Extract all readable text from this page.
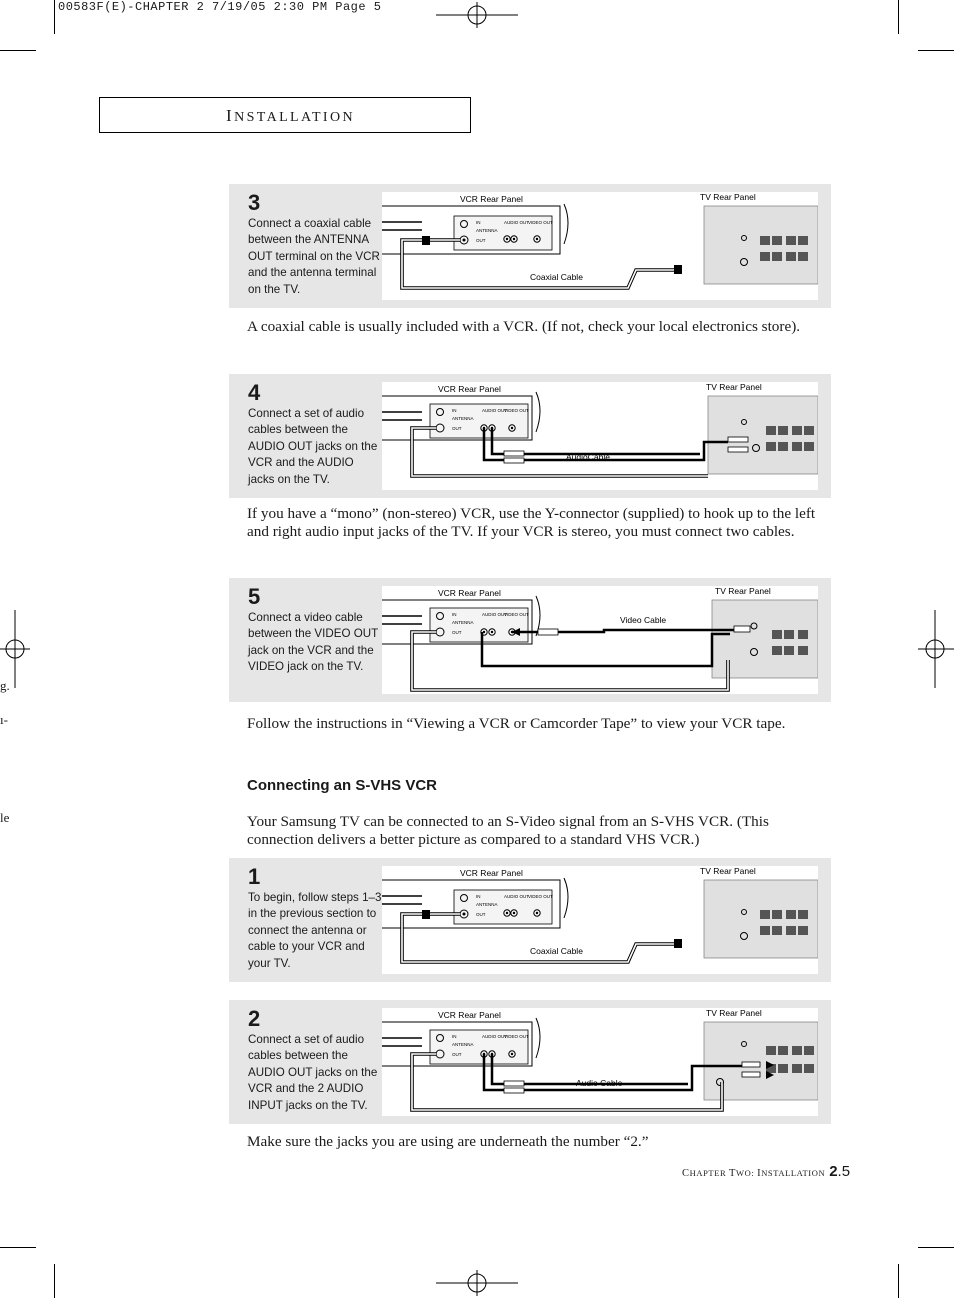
00583F(E)-CHAPTER 2 7/19/05 2:30 PM Page 5
g.
ı-
le
INSTALLATION
3
Connect a coaxial cable between the ANTENNA OUT terminal on the VCR and the antenna terminal on the TV.
IN
ANTENNA
OUT
AUDIO OUT
VIDEO OUT
VCR Rear Panel	TV Rear Panel
Coaxial Cable
A coaxial cable is usually included with a VCR. (If not, check your local electronics store).
4
Connect a set of audio cables between the AUDIO OUT jacks on the VCR and the AUDIO jacks on the TV.
IN
ANTENNA
OUT
AUDIO OUT
VIDEO OUT
VCR Rear Panel	TV Rear Panel
AudioCable
If you have a “mono” (non-stereo) VCR, use the Y-connector (supplied) to hook up to the left and right audio input jacks of the TV. If your VCR is stereo, you must connect two cables.
5
Connect a video cable between the VIDEO OUT jack on the VCR and the VIDEO jack on the TV.
IN
ANTENNA
OUT
AUDIO OUT
VIDEO OUT
VCR Rear Panel	TV Rear Panel
Video Cable
Follow the instructions in “Viewing a VCR or Camcorder Tape” to view your VCR tape.
Connecting an S-VHS VCR
Your Samsung TV can be connected to an S-Video signal from an S-VHS VCR. (This connection delivers a better picture as compared to a standard VHS VCR.)
1
To begin, follow steps 1–3 in the previous section to connect the antenna or cable to your VCR and your TV.
IN
ANTENNA
OUT
AUDIO OUT
VIDEO OUT
VCR Rear Panel	TV Rear Panel
Coaxial Cable
2
Connect a set of audio cables between the AUDIO OUT jacks on the VCR and the 2 AUDIO INPUT jacks on the TV.
IN
ANTENNA
OUT
AUDIO OUT
VIDEO OUT
VCR Rear Panel	TV Rear Panel
Audio Cable
Make sure the jacks you are using are underneath the number “2.”
CHAPTER TWO: INSTALLATION 2.5
